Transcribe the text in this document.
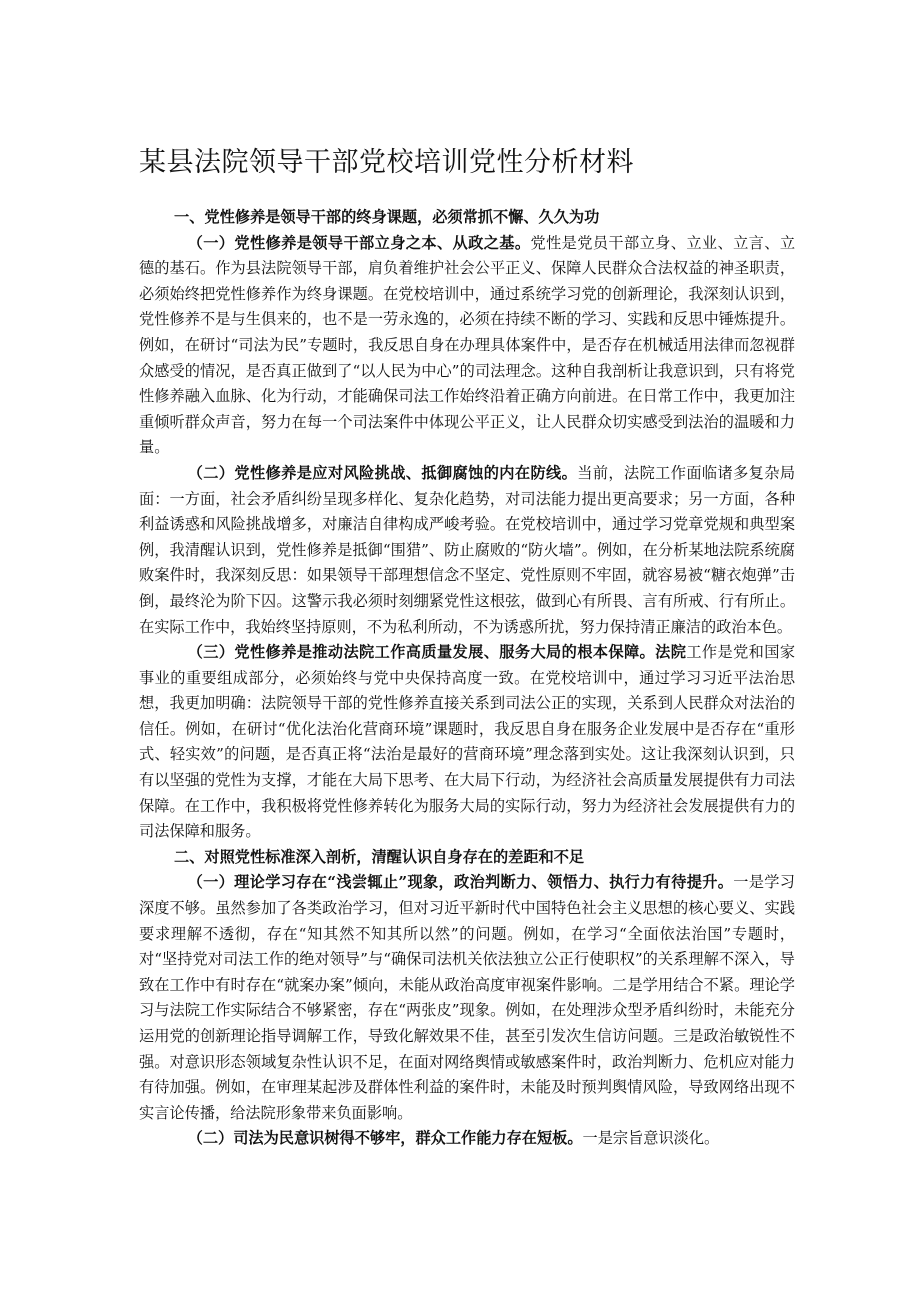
某县法院领导干部党校培训党性分析材料

一、党性修养是领导干部的终身课题，必须常抓不懈、久久为功

（一）党性修养是领导干部立身之本、从政之基。党性是党员干部立身、立业、立言、立德的基石。作为县法院领导干部，肩负着维护社会公平正义、保障人民群众合法权益的神圣职责，必须始终把党性修养作为终身课题。在党校培训中，通过系统学习党的创新理论，我深刻认识到，党性修养不是与生俱来的，也不是一劳永逸的，必须在持续不断的学习、实践和反思中锤炼提升。例如，在研讨“司法为民”专题时，我反思自身在办理具体案件中，是否存在机械适用法律而忽视群众感受的情况，是否真正做到了“以人民为中心”的司法理念。这种自我剖析让我意识到，只有将党性修养融入血脉、化为行动，才能确保司法工作始终沿着正确方向前进。在日常工作中，我更加注重倾听群众声音，努力在每一个司法案件中体现公平正义，让人民群众切实感受到法治的温暖和力量。

（二）党性修养是应对风险挑战、抵御腐蚀的内在防线。当前，法院工作面临诸多复杂局面：一方面，社会矛盾纠纷呈现多样化、复杂化趋势，对司法能力提出更高要求；另一方面，各种利益诱惑和风险挑战增多，对廉洁自律构成严峻考验。在党校培训中，通过学习党章党规和典型案例，我清醒认识到，党性修养是抵御“围猎”、防止腐败的“防火墙”。例如，在分析某地法院系统腐败案件时，我深刻反思：如果领导干部理想信念不坚定、党性原则不牢固，就容易被“糖衣炮弹”击倒，最终沦为阶下囚。这警示我必须时刻绷紧党性这根弦，做到心有所畏、言有所戒、行有所止。在实际工作中，我始终坚持原则，不为私利所动，不为诱惑所扰，努力保持清正廉洁的政治本色。

（三）党性修养是推动法院工作高质量发展、服务大局的根本保障。法院工作是党和国家事业的重要组成部分，必须始终与党中央保持高度一致。在党校培训中，通过学习习近平法治思想，我更加明确：法院领导干部的党性修养直接关系到司法公正的实现，关系到人民群众对法治的信任。例如，在研讨“优化法治化营商环境”课题时，我反思自身在服务企业发展中是否存在“重形式、轻实效”的问题，是否真正将“法治是最好的营商环境”理念落到实处。这让我深刻认识到，只有以坚强的党性为支撑，才能在大局下思考、在大局下行动，为经济社会高质量发展提供有力司法保障。在工作中，我积极将党性修养转化为服务大局的实际行动，努力为经济社会发展提供有力的司法保障和服务。

二、对照党性标准深入剖析，清醒认识自身存在的差距和不足

（一）理论学习存在“浅尝辄止”现象，政治判断力、领悟力、执行力有待提升。一是学习深度不够。虽然参加了各类政治学习，但对习近平新时代中国特色社会主义思想的核心要义、实践要求理解不透彻，存在“知其然不知其所以然”的问题。例如，在学习“全面依法治国”专题时，对“坚持党对司法工作的绝对领导”与“确保司法机关依法独立公正行使职权”的关系理解不深入，导致在工作中有时存在“就案办案”倾向，未能从政治高度审视案件影响。二是学用结合不紧。理论学习与法院工作实际结合不够紧密，存在“两张皮”现象。例如，在处理涉众型矛盾纠纷时，未能充分运用党的创新理论指导调解工作，导致化解效果不佳，甚至引发次生信访问题。三是政治敏锐性不强。对意识形态领域复杂性认识不足，在面对网络舆情或敏感案件时，政治判断力、危机应对能力有待加强。例如，在审理某起涉及群体性利益的案件时，未能及时预判舆情风险，导致网络出现不实言论传播，给法院形象带来负面影响。

（二）司法为民意识树得不够牢，群众工作能力存在短板。一是宗旨意识淡化。
